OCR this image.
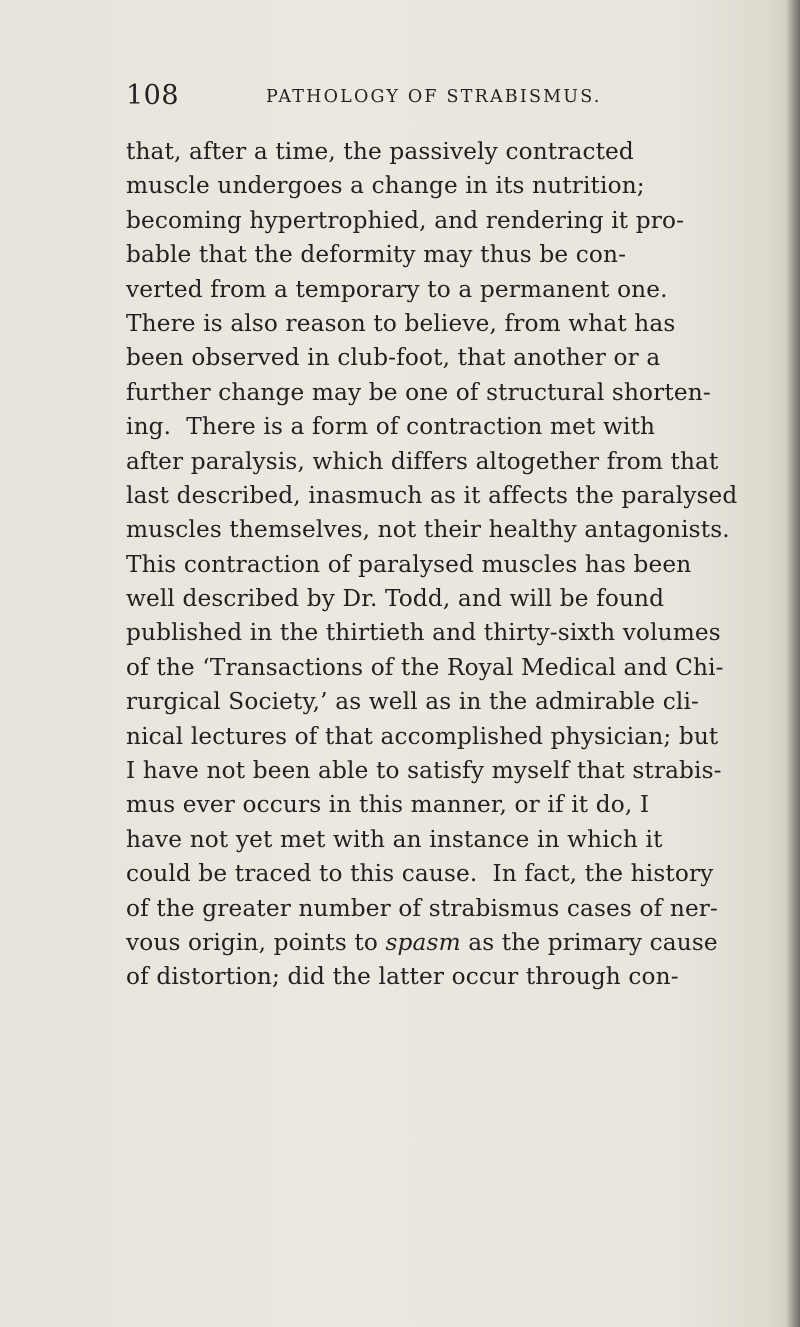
108	PATHOLOGY OF STRABISMUS.
that, after a time, the passively contracted
muscle undergoes a change in its nutrition;
becoming hypertrophied, and rendering it pro-
bable that the deformity may thus be con-
verted from a temporary to a permanent one.
There is also reason to believe, from what has
been observed in club-foot, that another or a
further change may be one of structural shorten-
ing.  There is a form of contraction met with
after paralysis, which differs altogether from that
last described, inasmuch as it affects the paralysed
muscles themselves, not their healthy antagonists.
This contraction of paralysed muscles has been
well described by Dr. Todd, and will be found
published in the thirtieth and thirty-sixth volumes
of the ‘Transactions of the Royal Medical and Chi-
rurgical Society,’ as well as in the admirable cli-
nical lectures of that accomplished physician; but
I have not been able to satisfy myself that strabis-
mus ever occurs in this manner, or if it do, I
have not yet met with an instance in which it
could be traced to this cause.  In fact, the history
of the greater number of strabismus cases of ner-
vous origin, points to spasm as the primary cause
of distortion; did the latter occur through con-
